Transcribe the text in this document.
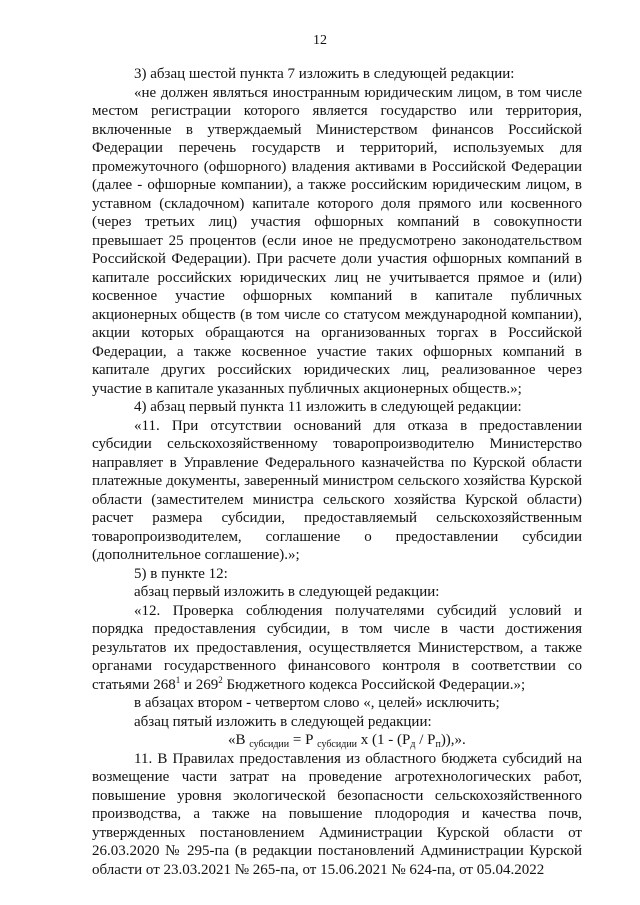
12

3) абзац шестой пункта 7 изложить в следующей редакции:

«не должен являться иностранным юридическим лицом, в том числе местом регистрации которого является государство или территория, включенные в утверждаемый Министерством финансов Российской Федерации перечень государств и территорий, используемых для промежуточного (офшорного) владения активами в Российской Федерации (далее - офшорные компании), а также российским юридическим лицом, в уставном (складочном) капитале которого доля прямого или косвенного (через третьих лиц) участия офшорных компаний в совокупности превышает 25 процентов (если иное не предусмотрено законодательством Российской Федерации). При расчете доли участия офшорных компаний в капитале российских юридических лиц не учитывается прямое и (или) косвенное участие офшорных компаний в капитале публичных акционерных обществ (в том числе со статусом международной компании), акции которых обращаются на организованных торгах в Российской Федерации, а также косвенное участие таких офшорных компаний в капитале других российских юридических лиц, реализованное через участие в капитале указанных публичных акционерных обществ.»;

4) абзац первый пункта 11 изложить в следующей редакции:

«11. При отсутствии оснований для отказа в предоставлении субсидии сельскохозяйственному товаропроизводителю Министерство направляет в Управление Федерального казначейства по Курской области платежные документы, заверенный министром сельского хозяйства Курской области (заместителем министра сельского хозяйства Курской области) расчет размера субсидии, предоставляемый сельскохозяйственным товаропроизводителем, соглашение о предоставлении субсидии (дополнительное соглашение).»;

5) в пункте 12:

абзац первый изложить в следующей редакции:

«12. Проверка соблюдения получателями субсидий условий и порядка предоставления субсидии, в том числе в части достижения результатов их предоставления, осуществляется Министерством, а также органами государственного финансового контроля в соответствии со статьями $268^1$ и $269^2$ Бюджетного кодекса Российской Федерации.»;

в абзацах втором - четвертом слово «, целей» исключить;

абзац пятый изложить в следующей редакции:

«В $_{субсидии}$ = Р $_{субсидии}$ х $(1 - (Р_д / Р_п))$,».

11. В Правилах предоставления из областного бюджета субсидий на возмещение части затрат на проведение агротехнологических работ, повышение уровня экологической безопасности сельскохозяйственного производства, а также на повышение плодородия и качества почв, утвержденных постановлением Администрации Курской области от 26.03.2020 № 295-па (в редакции постановлений Администрации Курской области от 23.03.2021 № 265-па, от 15.06.2021 № 624-па, от 05.04.2022
